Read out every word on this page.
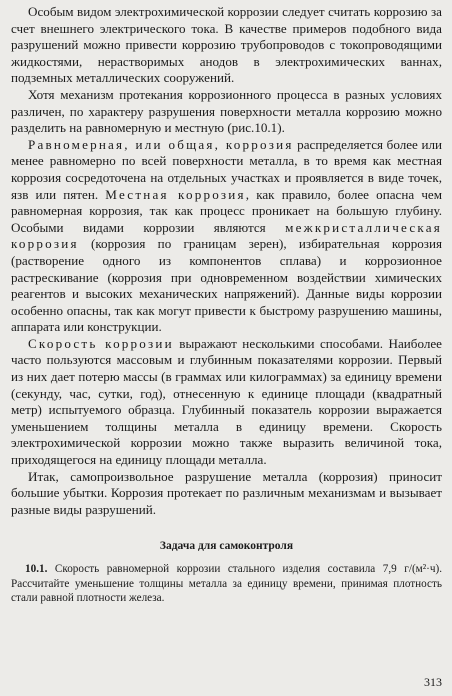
Особым видом электрохимической коррозии следует считать коррозию за счет внешнего электрического тока. В качестве примеров подобного вида разрушений можно привести коррозию трубопроводов с токопроводящими жидкостями, нерастворимых анодов в электрохимических ваннах, подземных металлических сооружений.

Хотя механизм протекания коррозионного процесса в разных условиях различен, по характеру разрушения поверхности металла коррозию можно разделить на равномерную и местную (рис.10.1).

Равномерная, или общая, коррозия распределяется более или менее равномерно по всей поверхности металла, в то время как местная коррозия сосредоточена на отдельных участках и проявляется в виде точек, язв или пятен. Местная коррозия, как правило, более опасна чем равномерная коррозия, так как процесс проникает на большую глубину. Особыми видами коррозии являются межкристаллическая коррозия (коррозия по границам зерен), избирательная коррозия (растворение одного из компонентов сплава) и коррозионное растрескивание (коррозия при одновременном воздействии химических реагентов и высоких механических напряжений). Данные виды коррозии особенно опасны, так как могут привести к быстрому разрушению машины, аппарата или конструкции.

Скорость коррозии выражают несколькими способами. Наиболее часто пользуются массовым и глубинным показателями коррозии. Первый из них дает потерю массы (в граммах или килограммах) за единицу времени (секунду, час, сутки, год), отнесенную к единице площади (квадратный метр) испытуемого образца. Глубинный показатель коррозии выражается уменьшением толщины металла в единицу времени. Скорость электрохимической коррозии можно также выразить величиной тока, приходящегося на единицу площади металла.

Итак, самопроизвольное разрушение металла (коррозия) приносит большие убытки. Коррозия протекает по различным механизмам и вызывает разные виды разрушений.

Задача для самоконтроля

10.1. Скорость равномерной коррозии стального изделия составила 7,9 г/(м²·ч). Рассчитайте уменьшение толщины металла за единицу времени, принимая плотность стали равной плотности железа.

313
